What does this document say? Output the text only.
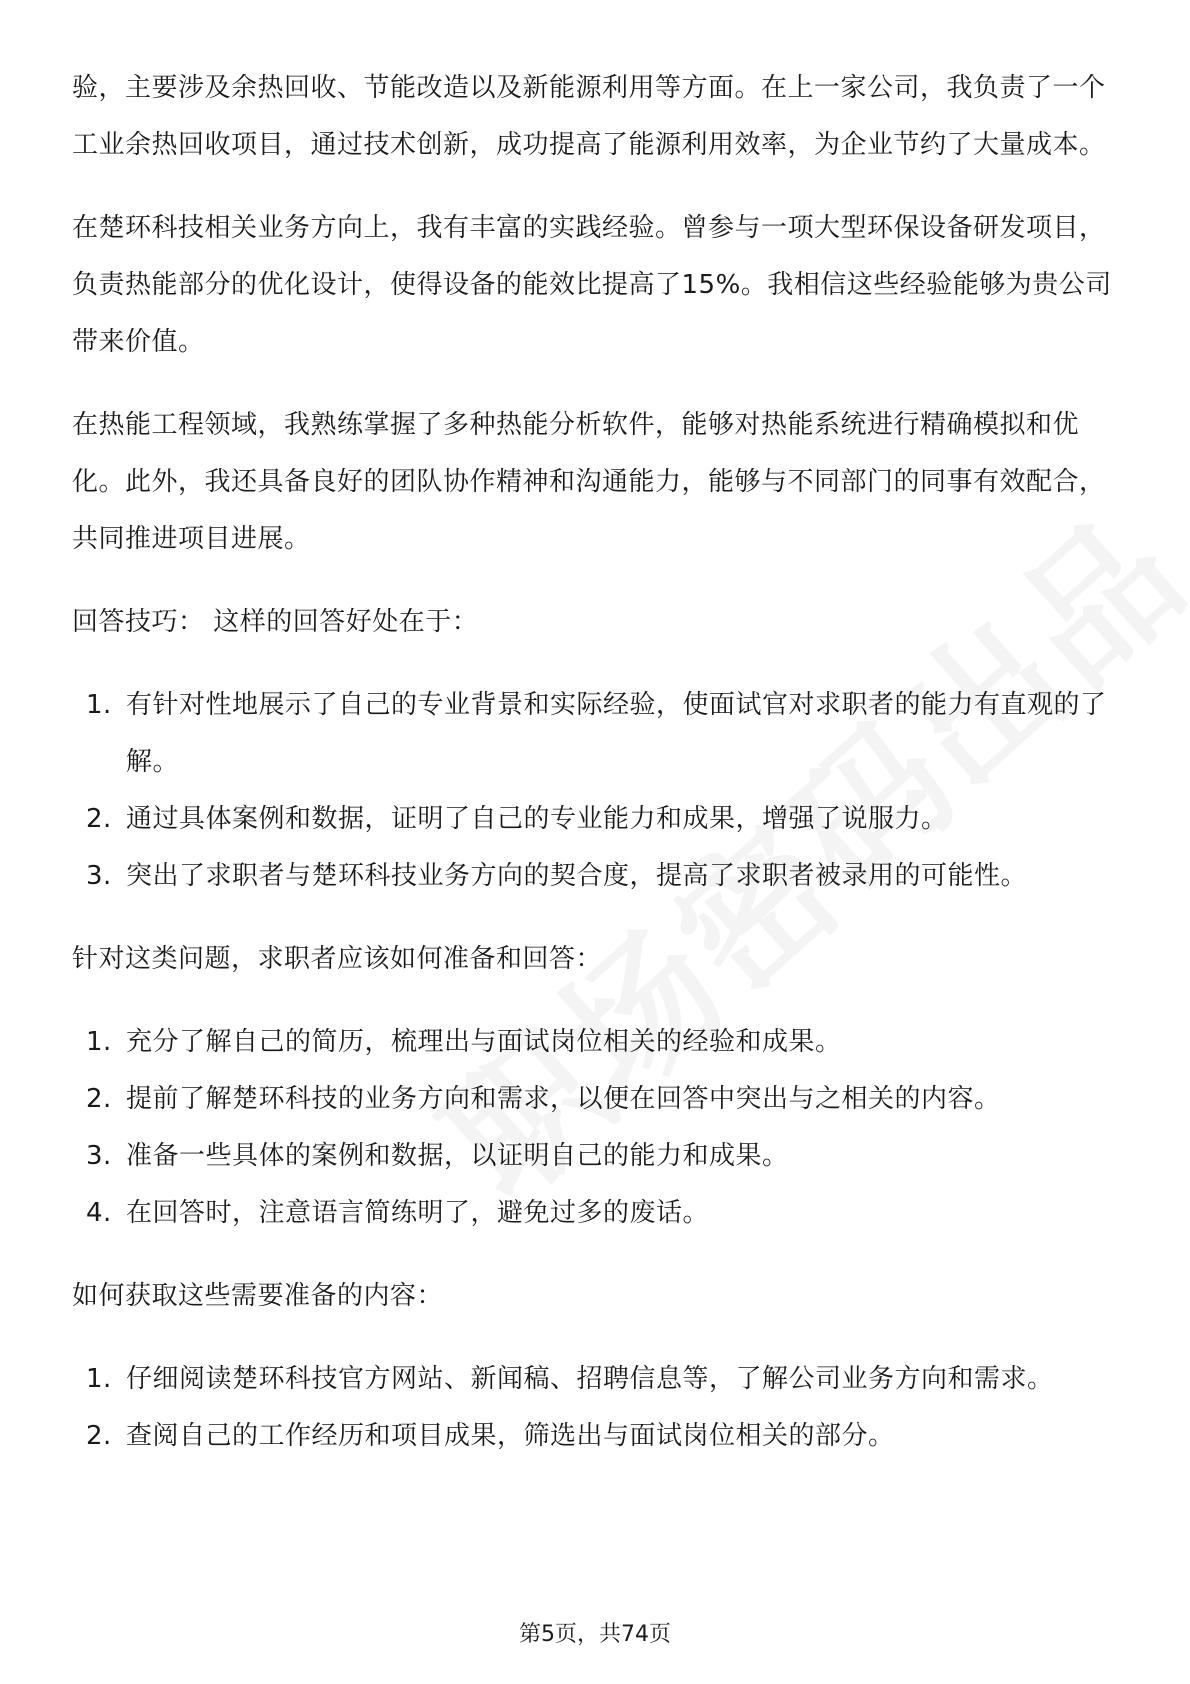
验，主要涉及余热回收、节能改造以及新能源利用等方面。在上一家公司，我负责了一个工业余热回收项目，通过技术创新，成功提高了能源利用效率，为企业节约了大量成本。

在楚环科技相关业务方向上，我有丰富的实践经验。曾参与一项大型环保设备研发项目，负责热能部分的优化设计，使得设备的能效比提高了15%。我相信这些经验能够为贵公司带来价值。

在热能工程领域，我熟练掌握了多种热能分析软件，能够对热能系统进行精确模拟和优化。此外，我还具备良好的团队协作精神和沟通能力，能够与不同部门的同事有效配合，共同推进项目进展。

回答技巧： 这样的回答好处在于：

1. 有针对性地展示了自己的专业背景和实际经验，使面试官对求职者的能力有直观的了解。
2. 通过具体案例和数据，证明了自己的专业能力和成果，增强了说服力。
3. 突出了求职者与楚环科技业务方向的契合度，提高了求职者被录用的可能性。

针对这类问题，求职者应该如何准备和回答：

1. 充分了解自己的简历，梳理出与面试岗位相关的经验和成果。
2. 提前了解楚环科技的业务方向和需求，以便在回答中突出与之相关的内容。
3. 准备一些具体的案例和数据，以证明自己的能力和成果。
4. 在回答时，注意语言简练明了，避免过多的废话。

如何获取这些需要准备的内容：

1. 仔细阅读楚环科技官方网站、新闻稿、招聘信息等，了解公司业务方向和需求。
2. 查阅自己的工作经历和项目成果，筛选出与面试岗位相关的部分。
第5页，共74页
